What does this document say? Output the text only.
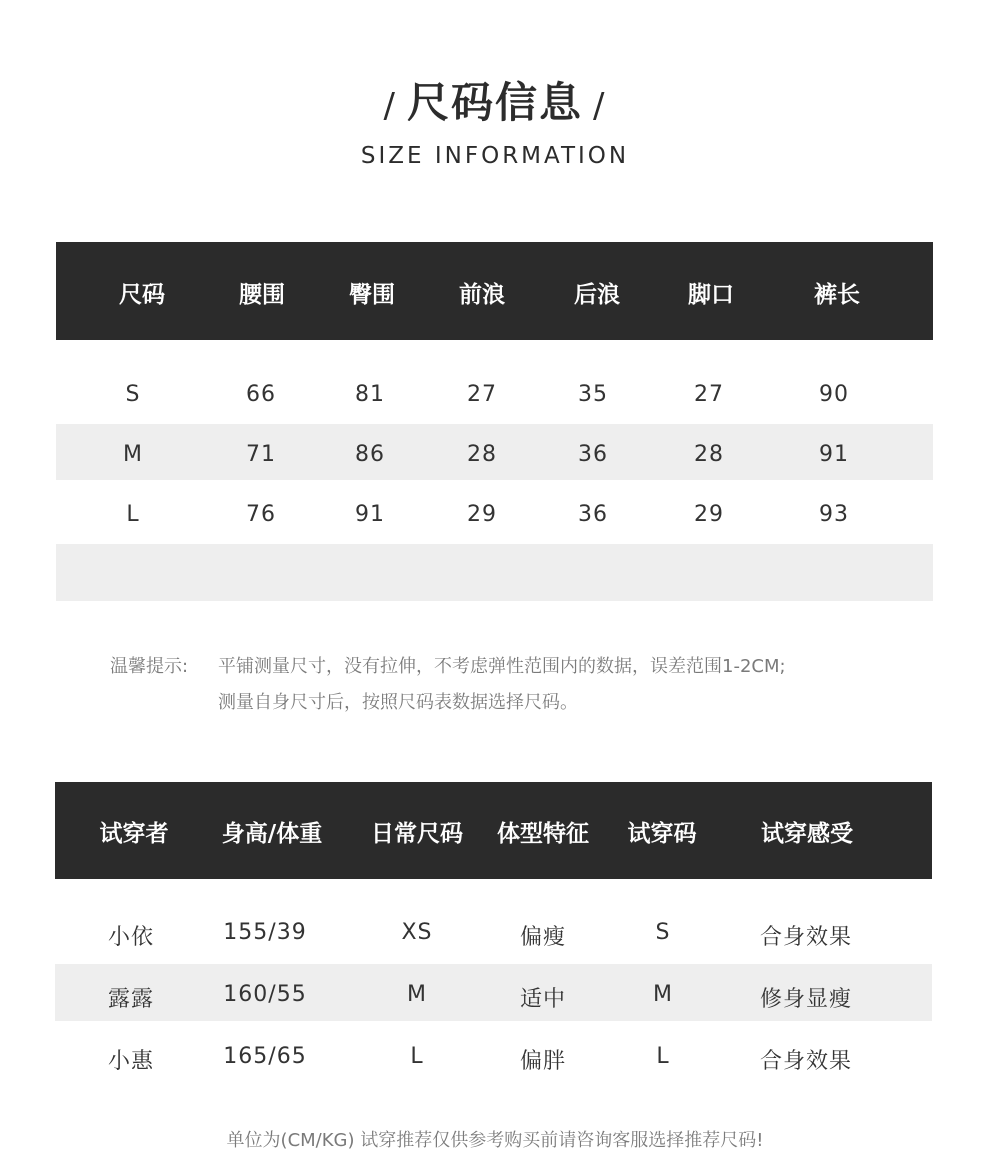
/ 尺码信息 /
SIZE INFORMATION
尺码	腰围	臀围	前浪	后浪	脚口	裤长
S	66	81	27	35	27	90
M	71	86	28	36	28	91
L	76	91	29	36	29	93
温馨提示: 平铺测量尺寸，没有拉伸，不考虑弹性范围内的数据，误差范围1-2CM;
测量自身尺寸后，按照尺码表数据选择尺码。
试穿者 身高/体重 日常尺码 体型特征 试穿码	试穿感受
小依	155/39	XS	偏瘦	S	合身效果
露露	160/55	M	适中	M	修身显瘦
小惠	165/65	L	偏胖	L	合身效果
单位为(CM/KG) 试穿推荐仅供参考购买前请咨询客服选择推荐尺码!
